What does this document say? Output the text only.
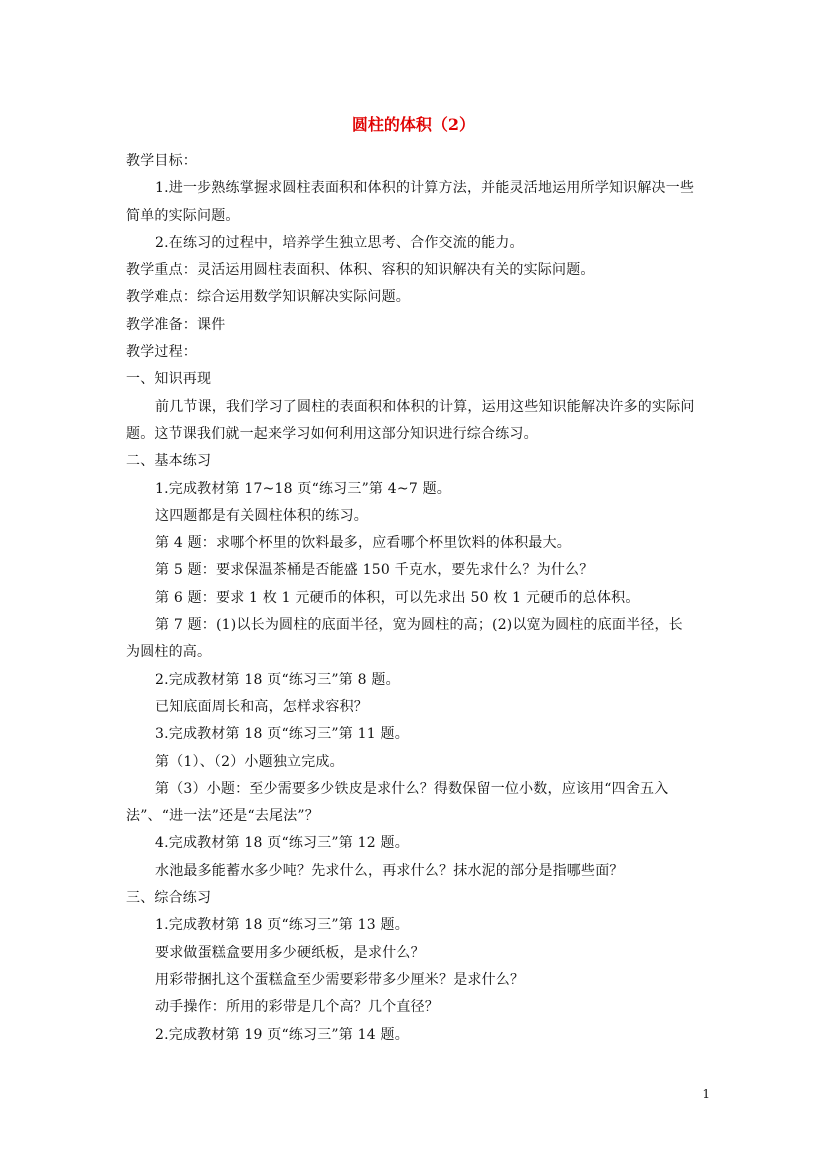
圆柱的体积（2）
教学目标：
1.进一步熟练掌握求圆柱表面积和体积的计算方法，并能灵活地运用所学知识解决一些
简单的实际问题。
2.在练习的过程中，培养学生独立思考、合作交流的能力。
教学重点：灵活运用圆柱表面积、体积、容积的知识解决有关的实际问题。
教学难点：综合运用数学知识解决实际问题。
教学准备：课件
教学过程：
一、知识再现
前几节课，我们学习了圆柱的表面积和体积的计算，运用这些知识能解决许多的实际问
题。这节课我们就一起来学习如何利用这部分知识进行综合练习。
二、基本练习
1.完成教材第 17~18 页“练习三”第 4~7 题。
这四题都是有关圆柱体积的练习。
第 4 题：求哪个杯里的饮料最多，应看哪个杯里饮料的体积最大。
第 5 题：要求保温茶桶是否能盛 150 千克水，要先求什么？为什么？
第 6 题：要求 1 枚 1 元硬币的体积，可以先求出 50 枚 1 元硬币的总体积。
第 7 题：(1)以长为圆柱的底面半径，宽为圆柱的高；(2)以宽为圆柱的底面半径，长
为圆柱的高。
2.完成教材第 18 页“练习三”第 8 题。
已知底面周长和高，怎样求容积？
3.完成教材第 18 页“练习三”第 11 题。
第（1）、（2）小题独立完成。
第（3）小题：至少需要多少铁皮是求什么？得数保留一位小数，应该用“四舍五入
法”、“进一法”还是“去尾法”？
4.完成教材第 18 页“练习三”第 12 题。
水池最多能蓄水多少吨？先求什么，再求什么？抹水泥的部分是指哪些面？
三、综合练习
1.完成教材第 18 页“练习三”第 13 题。
要求做蛋糕盒要用多少硬纸板，是求什么？
用彩带捆扎这个蛋糕盒至少需要彩带多少厘米？是求什么？
动手操作：所用的彩带是几个高？几个直径？
2.完成教材第 19 页“练习三”第 14 题。
1
